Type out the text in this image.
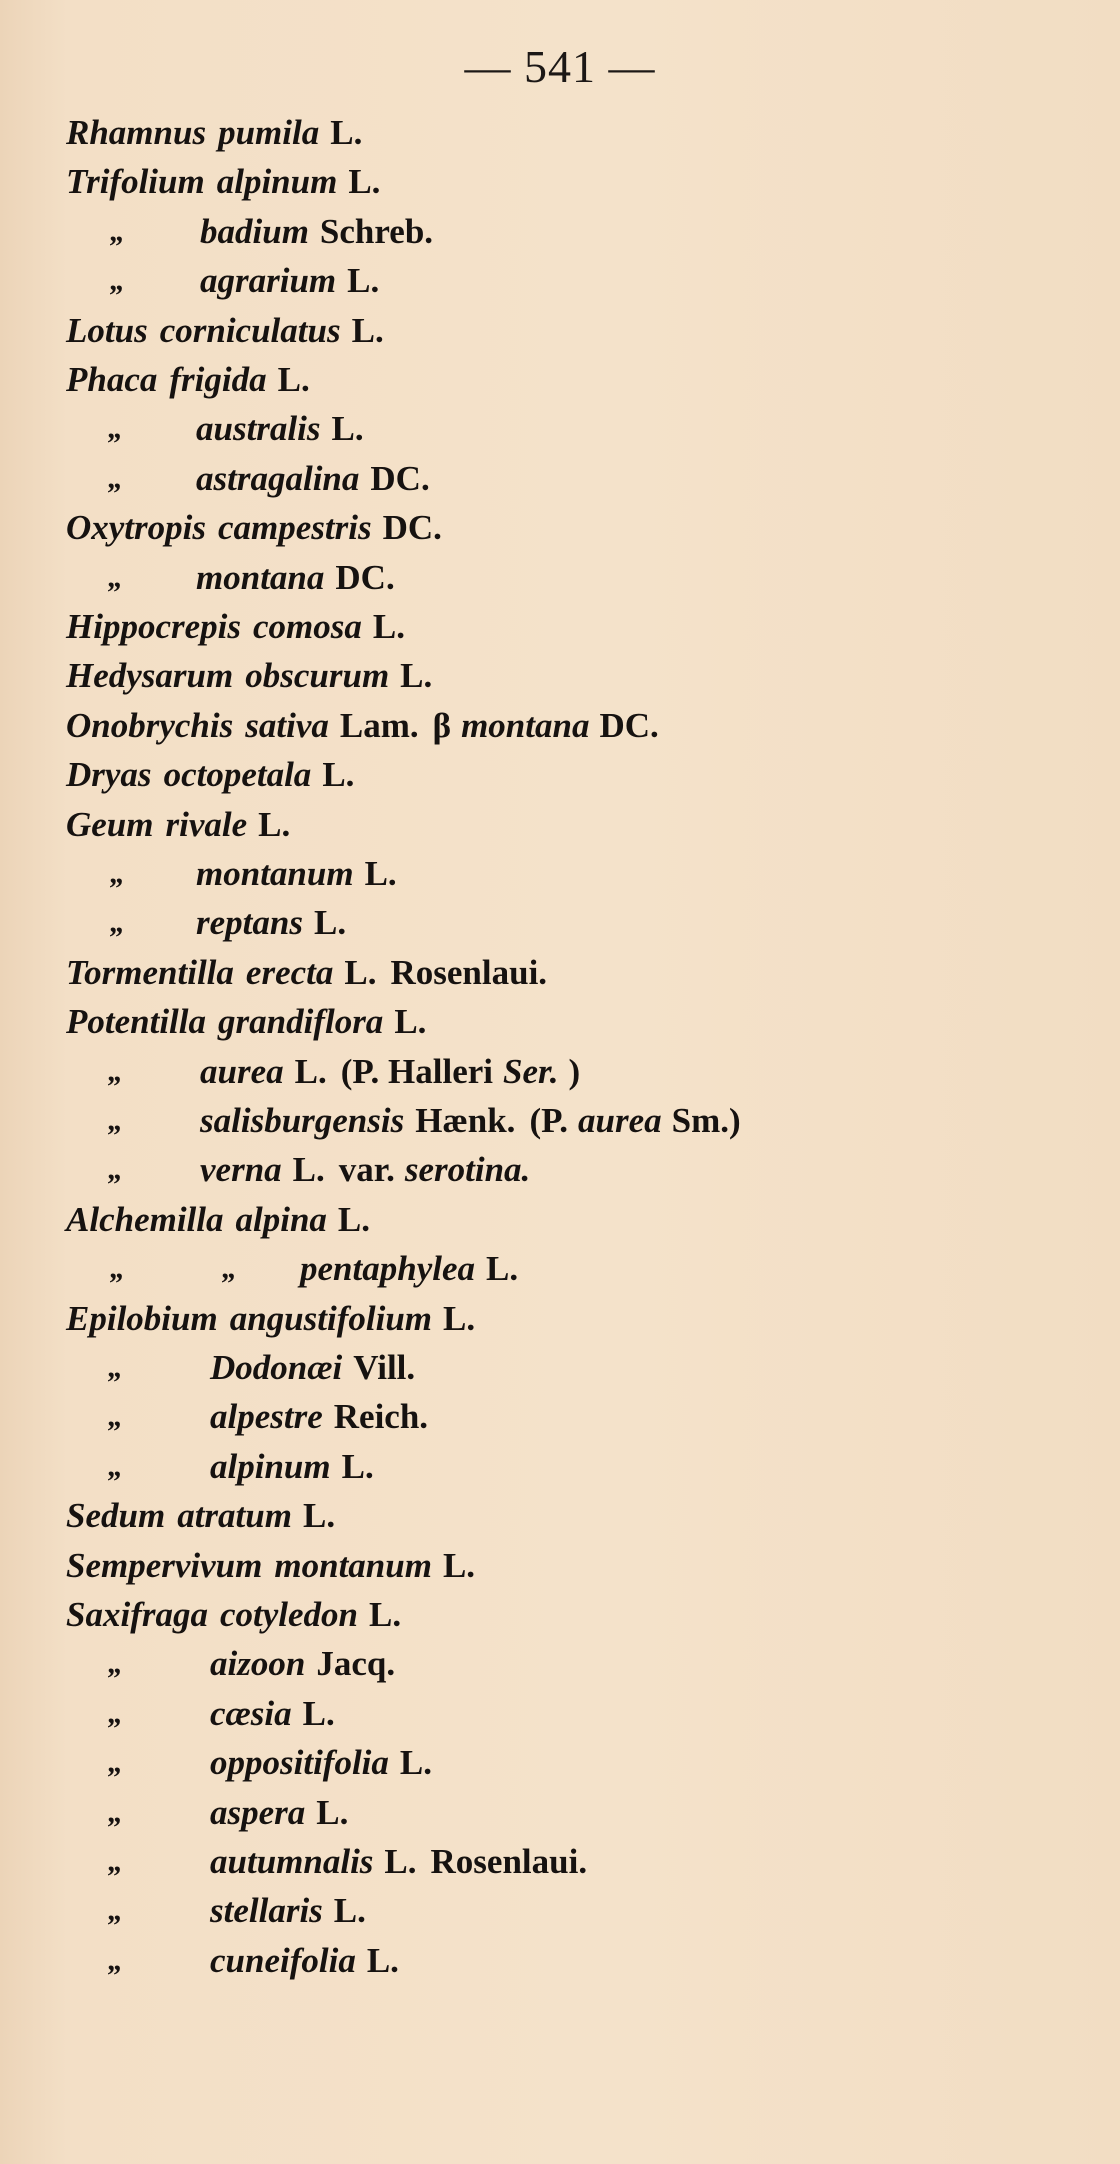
— 541 —
Rhamnus pumila L.
Trifolium alpinum L.
„ badium Schreb.
„ agrarium L.
Lotus corniculatus L.
Phaca frigida L.
„ australis L.
„ astragalina DC.
Oxytropis campestris DC.
„ montana DC.
Hippocrepis comosa L.
Hedysarum obscurum L.
Onobrychis sativa Lam. β montana DC.
Dryas octopetala L.
Geum rivale L.
„ montanum L.
„ reptans L.
Tormentilla erecta L. Rosenlaui.
Potentilla grandiflora L.
„ aurea L. (P. Halleri Ser. )
„ salisburgensis Hænk. (P. aurea Sm.)
„ verna L. var. serotina.
Alchemilla alpina L.
„	„ pentaphylea L.
Epilobium angustifolium L.
„ Dodonæi Vill.
„ alpestre Reich.
„ alpinum L.
Sedum atratum L.
Sempervivum montanum L.
Saxifraga cotyledon L.
„ aizoon Jacq.
„ cæsia L.
„ oppositifolia L.
„ aspera L.
„ autumnalis L. Rosenlaui.
„ stellaris L.
„ cuneifolia L.
